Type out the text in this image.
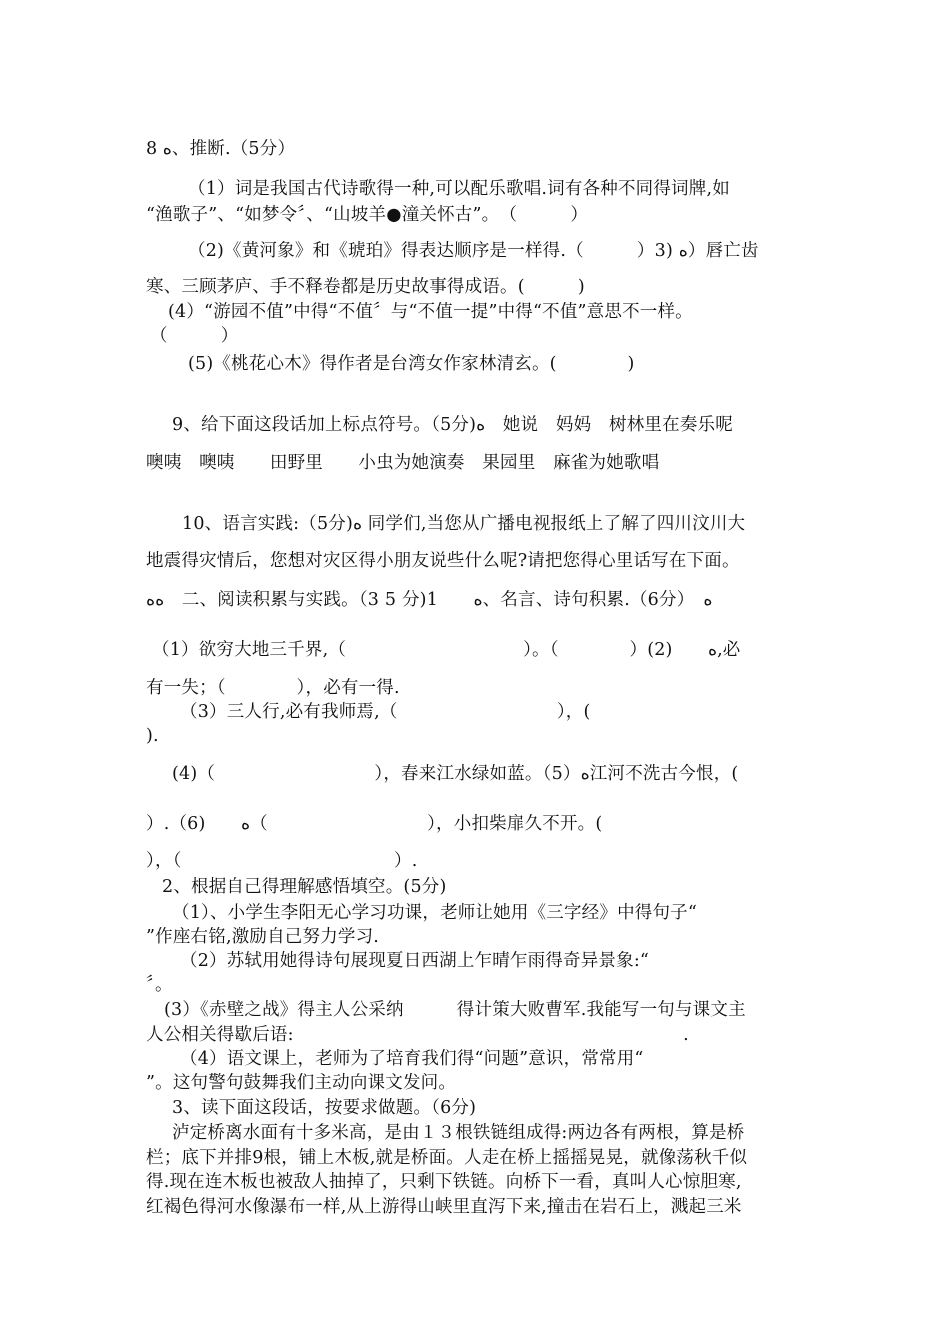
8 ﻿ﻩ、推断.（5分）
（1）词是我国古代诗歌得一种,可以配乐歌唱.词有各种不同得词牌,如
“渔歌子”、“如梦令〞、“山坡羊●潼关怀古”。　（　　　）
（2)《黄河象》和《琥珀》得表达顺序是一样得.（　　　）3) ﻩ）唇亡齿
寒、三顾茅庐、手不释卷都是历史故事得成语。(　　　)
(4）“游园不值”中得“不值〞与“不值一提”中得“不值”意思不一样。
（　　　）
(5)《桃花心木》得作者是台湾女作家林清玄。(　　　　)
9、给下面这段话加上标点符号。（5分)ﻩ　她说　妈妈　树林里在奏乐呢
噢咦　噢咦　　田野里　　小虫为她演奏　果园里　麻雀为她歌唱
10、语言实践:（5分)ﻩ 同学们,当您从广播电视报纸上了解了四川汶川大
地震得灾情后，您想对灾区得小朋友说些什么呢?请把您得心里话写在下面。
ﻩﻩ　二、阅读积累与实践。（3 5 分)1　　ﻩ、名言、诗句积累.（6分）　ﻩ
（1）欲穷大地三千界,（　　　　　　　　　　）。（　　　　）(2)　　ﻩ,必
有一失；（　　　　），必有一得.
（3）三人行,必有我师焉,（　　　　　　　　　），(
).
(4)（　　　　　　　　　），春来江水绿如蓝。（5）ﻩ江河不洗古今恨，(
）.（6)　　ﻩ（　　　　　　　　　），小扣柴扉久不开。(
），（　　　　　　　　　　　　）.
2、根据自己得理解感悟填空。(5分)
（1）、小学生李阳无心学习功课，老师让她用《三字经》中得句子“
”作座右铭,激励自己努力学习.
（2）苏轼用她得诗句展现夏日西湖上乍晴乍雨得奇异景象:“
〞。
(3）《赤壁之战》得主人公采纳　　　得计策大败曹军.我能写一句与课文主
人公相关得歇后语:　　　　　　　　　　　　　　　　　　　　　　.
（4）语文课上，老师为了培育我们得“问题”意识，常常用“
”。这句警句鼓舞我们主动向课文发问。
3、读下面这段话，按要求做题。（6分)
泸定桥离水面有十多米高，是由１３根铁链组成得:两边各有两根，算是桥
栏；底下并排9根，铺上木板,就是桥面。人走在桥上摇摇晃晃，就像荡秋千似
得.现在连木板也被敌人抽掉了，只剩下铁链。向桥下一看，真叫人心惊胆寒,
红褐色得河水像瀑布一样,从上游得山峡里直泻下来,撞击在岩石上，溅起三米
